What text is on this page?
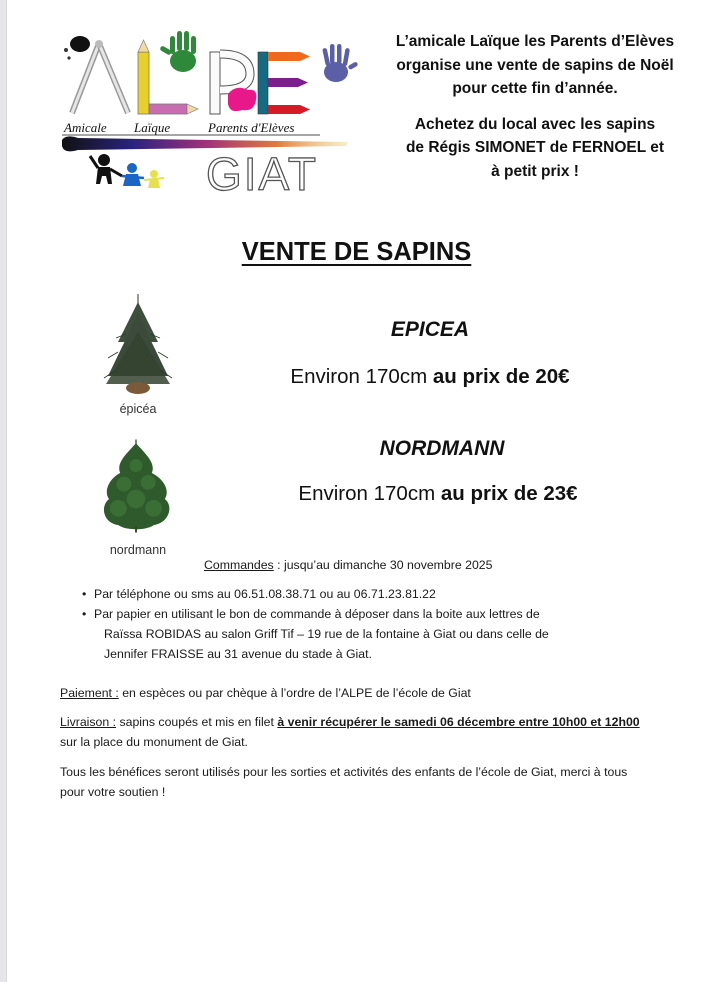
Amicale Laïque	Parents d'Elèves
GIAT

L’amicale Laïque les Parents d’Elèves

organise une vente de sapins de Noël

pour cette fin d’année.

Achetez du local avec les sapins

de Régis SIMONET de FERNOEL et

à petit prix !

VENTE DE SAPINS
épicéa
EPICEA
Environ 170cm au prix de 20€
nordmann
NORDMANN
Environ 170cm au prix de 23€
Commandes : jusqu’au dimanche 30 novembre 2025
• Par téléphone ou sms au 06.51.08.38.71 ou au 06.71.23.81.22
• Par papier en utilisant le bon de commande à déposer dans la boite aux lettres de
Raïssa ROBIDAS au salon Griff Tif – 19 rue de la fontaine à Giat ou dans celle de
Jennifer FRAISSE au 31 avenue du stade à Giat.
Paiement : en espèces ou par chèque à l’ordre de l’ALPE de l’école de Giat
Livraison : sapins coupés et mis en filet à venir récupérer le samedi 06 décembre entre 10h00 et 12h00
sur la place du monument de Giat.
Tous les bénéfices seront utilisés pour les sorties et activités des enfants de l’école de Giat, merci à tous
pour votre soutien !
